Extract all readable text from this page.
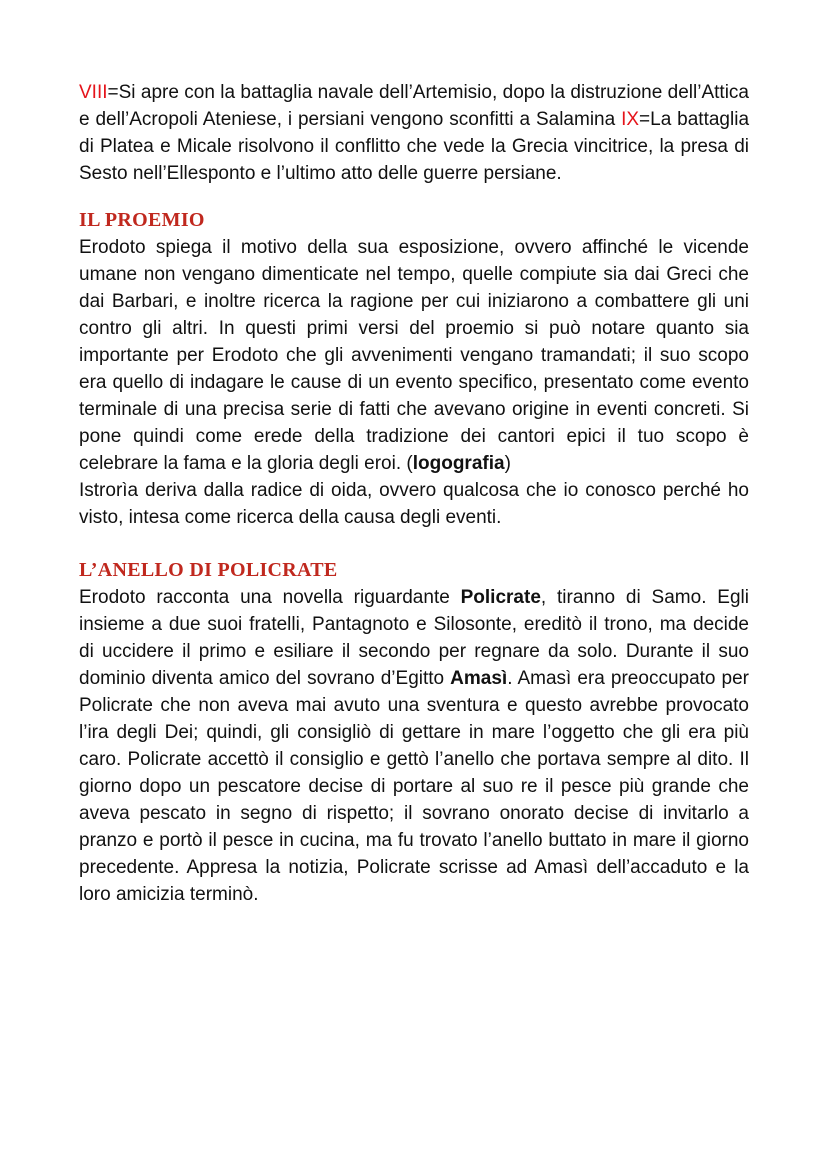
VIII=Si apre con la battaglia navale dell’Artemisio, dopo la distruzione dell’Attica e dell’Acropoli Ateniese, i persiani vengono sconfitti a Salamina IX=La battaglia di Platea e Micale risolvono il conflitto che vede la Grecia vincitrice, la presa di Sesto nell’Ellesponto e l’ultimo atto delle guerre persiane.

IL PROEMIO

Erodoto spiega il motivo della sua esposizione, ovvero affinché le vicende umane non vengano dimenticate nel tempo, quelle compiute sia dai Greci che dai Barbari, e inoltre ricerca la ragione per cui iniziarono a combattere gli uni contro gli altri. In questi primi versi del proemio si può notare quanto sia importante per Erodoto che gli avvenimenti vengano tramandati; il suo scopo era quello di indagare le cause di un evento specifico, presentato come evento terminale di una precisa serie di fatti che avevano origine in eventi concreti. Si pone quindi come erede della tradizione dei cantori epici il tuo scopo è celebrare la fama e la gloria degli eroi. (logografia)

Istrorìa deriva dalla radice di oida, ovvero qualcosa che io conosco perché ho visto, intesa come ricerca della causa degli eventi.

L’ANELLO DI POLICRATE

Erodoto racconta una novella riguardante Policrate, tiranno di Samo. Egli insieme a due suoi fratelli, Pantagnoto e Silosonte, ereditò il trono, ma decide di uccidere il primo e esiliare il secondo per regnare da solo. Durante il suo dominio diventa amico del sovrano d’Egitto Amasì. Amasì era preoccupato per Policrate che non aveva mai avuto una sventura e questo avrebbe provocato l’ira degli Dei; quindi, gli consigliò di gettare in mare l’oggetto che gli era più caro. Policrate accettò il consiglio e gettò l’anello che portava sempre al dito. Il giorno dopo un pescatore decise di portare al suo re il pesce più grande che aveva pescato in segno di rispetto; il sovrano onorato decise di invitarlo a pranzo e portò il pesce in cucina, ma fu trovato l’anello buttato in mare il giorno precedente. Appresa la notizia, Policrate scrisse ad Amasì dell’accaduto e la loro amicizia terminò.
